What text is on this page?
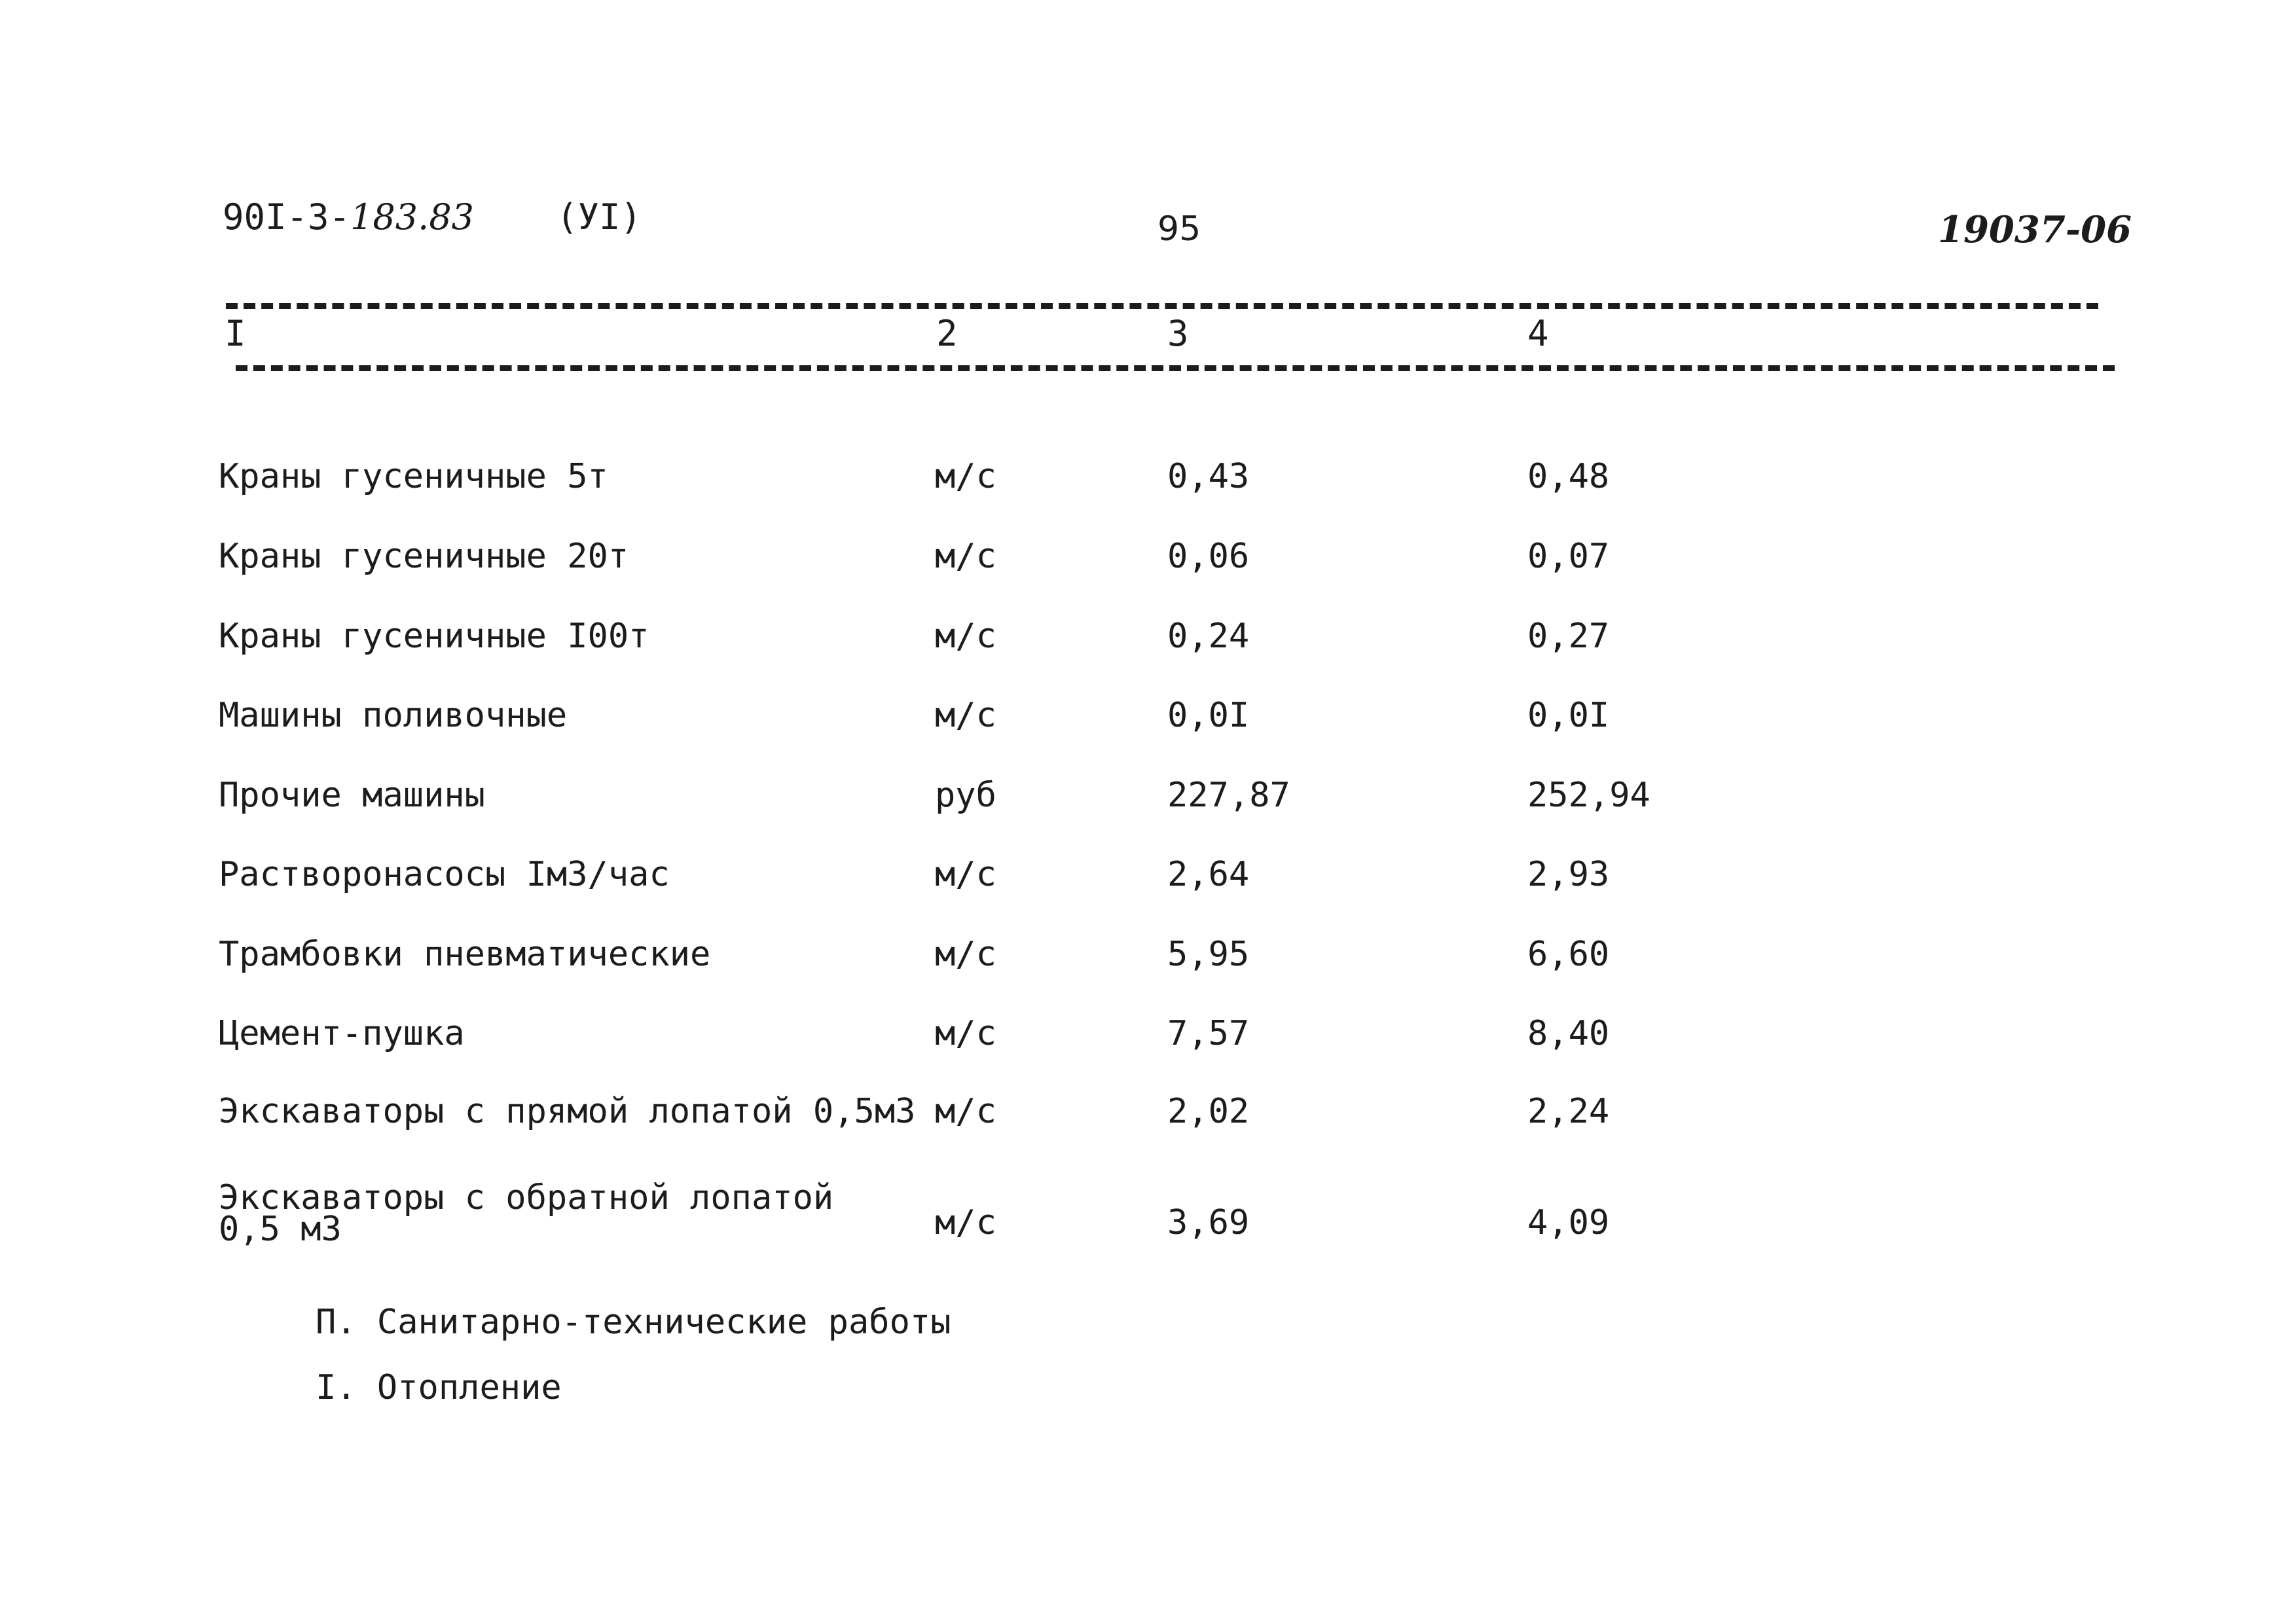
90I-3-183.83 (УI)	95	19037-06
I	2	3	4
Краны гусеничные 5т	м/с	0,43	0,48
Краны гусеничные 20т	м/с	0,06	0,07
Краны гусеничные I00т	м/с	0,24	0,27
Машины поливочные	м/с	0,0I	0,0I
Прочие машины	руб	227,87	252,94
Растворонасосы Iм3/час	м/с	2,64	2,93
Трамбовки пневматические	м/с	5,95	6,60
Цемент-пушка	м/с	7,57	8,40
Экскаваторы с прямой лопатой 0,5м3 м/с	2,02	2,24
Экскаваторы с обратной лопатой
0,5 м3	м/с	3,69	4,09
П. Санитарно-технические работы
I. Отопление
